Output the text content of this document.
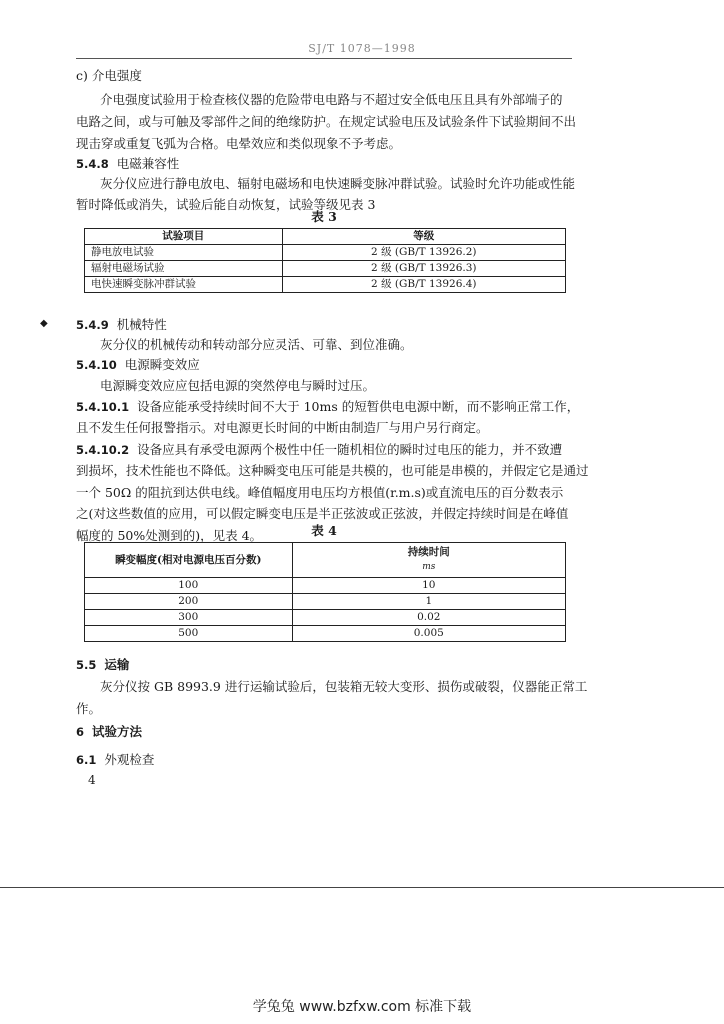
SJ/T 1078—1998
c) 介电强度
介电强度试验用于检查核仪器的危险带电电路与不超过安全低电压且具有外部端子的
电路之间，或与可触及零部件之间的绝缘防护。在规定试验电压及试验条件下试验期间不出
现击穿或重复飞弧为合格。电晕效应和类似现象不予考虑。
5.4.8 电磁兼容性
灰分仪应进行静电放电、辐射电磁场和电快速瞬变脉冲群试验。试验时允许功能或性能
暂时降低或消失，试验后能自动恢复，试验等级见表 3
表 3
试验项目	等级
静电放电试验	2 级 (GB/T 13926.2)
辐射电磁场试验	2 级 (GB/T 13926.3)
电快速瞬变脉冲群试验	2 级 (GB/T 13926.4)
◆ 5.4.9 机械特性
灰分仪的机械传动和转动部分应灵活、可靠、到位准确。
5.4.10 电源瞬变效应
电源瞬变效应应包括电源的突然停电与瞬时过压。
5.4.10.1 设备应能承受持续时间不大于 10ms 的短暂供电电源中断，而不影响正常工作，
且不发生任何报警指示。对电源更长时间的中断由制造厂与用户另行商定。
5.4.10.2 设备应具有承受电源两个极性中任一随机相位的瞬时过电压的能力，并不致遭
到损坏，技术性能也不降低。这种瞬变电压可能是共模的，也可能是串模的，并假定它是通过
一个 50Ω 的阻抗到达供电线。峰值幅度用电压均方根值(r.m.s)或直流电压的百分数表示
之(对这些数值的应用，可以假定瞬变电压是半正弦波或正弦波，并假定持续时间是在峰值
幅度的 50%处测到的)，见表 4。	表 4
瞬变幅度(相对电源电压百分数)	持续时间
	ms
100	10
200	1
300	0.02
500	0.005
5.5 运输
灰分仪按 GB 8993.9 进行运输试验后，包装箱无较大变形、损伤或破裂，仪器能正常工
作。
6 试验方法
6.1 外观检查
4
学兔兔 www.bzfxw.com 标准下载
